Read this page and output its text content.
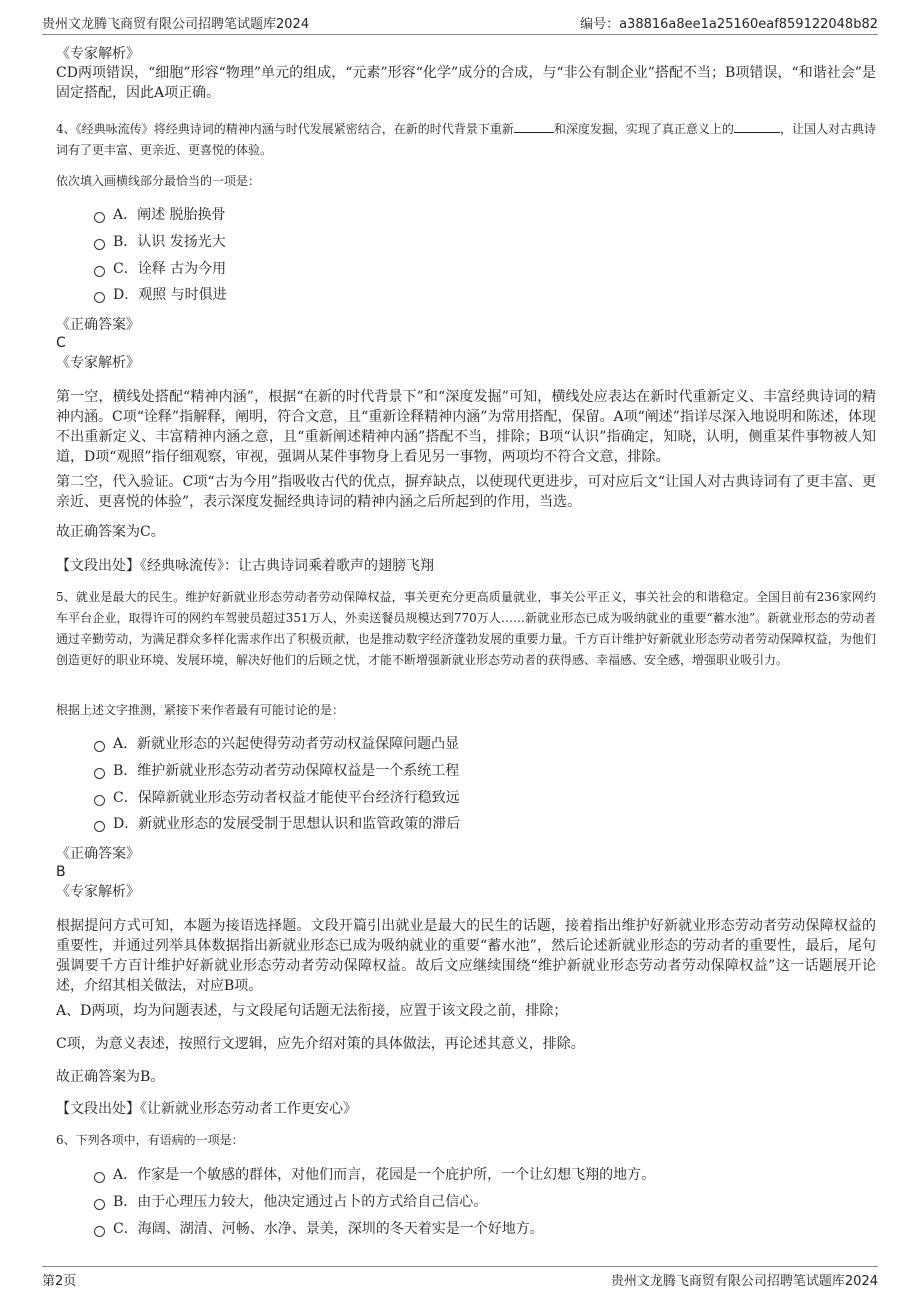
贵州文龙腾飞商贸有限公司招聘笔试题库2024	编号：a38816a8ee1a25160eaf859122048b82

《专家解析》

CD两项错误，“细胞”形容“物理”单元的组成，“元素”形容“化学”成分的合成，与“非公有制企业”搭配不当；B项错误，“和谐社会”是固定搭配，因此A项正确。

4、《经典咏流传》将经典诗词的精神内涵与时代发展紧密结合，在新的时代背景下重新	和深度发掘，实现了真正意义上的	，让国人对古典诗词有了更丰富、更亲近、更喜悦的体验。

依次填入画横线部分最恰当的一项是：

A．阐述 脱胎换骨
B．认识 发扬光大
C．诠释 古为今用
D．观照 与时俱进

《正确答案》

C

《专家解析》

第一空，横线处搭配“精神内涵”，根据“在新的时代背景下”和“深度发掘”可知，横线处应表达在新时代重新定义、丰富经典诗词的精神内涵。C项“诠释”指解释，阐明，符合文意，且“重新诠释精神内涵”为常用搭配，保留。A项“阐述”指详尽深入地说明和陈述，体现不出重新定义、丰富精神内涵之意，且“重新阐述精神内涵”搭配不当，排除；B项“认识”指确定，知晓，认明，侧重某件事物被人知道，D项“观照”指仔细观察，审视，强调从某件事物身上看见另一事物，两项均不符合文意，排除。

第二空，代入验证。C项“古为今用”指吸收古代的优点，摒弃缺点，以使现代更进步，可对应后文“让国人对古典诗词有了更丰富、更亲近、更喜悦的体验”，表示深度发掘经典诗词的精神内涵之后所起到的作用，当选。

故正确答案为C。

【文段出处】《经典咏流传》：让古典诗词乘着歌声的翅膀飞翔

5、就业是最大的民生。维护好新就业形态劳动者劳动保障权益，事关更充分更高质量就业，事关公平正义，事关社会的和谐稳定。全国目前有236家网约车平台企业，取得许可的网约车驾驶员超过351万人，外卖送餐员规模达到770万人……新就业形态已成为吸纳就业的重要“蓄水池”。新就业形态的劳动者通过辛勤劳动，为满足群众多样化需求作出了积极贡献，也是推动数字经济蓬勃发展的重要力量。千方百计维护好新就业形态劳动者劳动保障权益，为他们创造更好的职业环境、发展环境，解决好他们的后顾之忧，才能不断增强新就业形态劳动者的获得感、幸福感、安全感，增强职业吸引力。

根据上述文字推测，紧接下来作者最有可能讨论的是：

A．新就业形态的兴起使得劳动者劳动权益保障问题凸显
B．维护新就业形态劳动者劳动保障权益是一个系统工程
C．保障新就业形态劳动者权益才能使平台经济行稳致远
D．新就业形态的发展受制于思想认识和监管政策的滞后

《正确答案》

B

《专家解析》

根据提问方式可知，本题为接语选择题。文段开篇引出就业是最大的民生的话题，接着指出维护好新就业形态劳动者劳动保障权益的重要性，并通过列举具体数据指出新就业形态已成为吸纳就业的重要“蓄水池”，然后论述新就业形态的劳动者的重要性，最后，尾句强调要千方百计维护好新就业形态劳动者劳动保障权益。故后文应继续围绕“维护新就业形态劳动者劳动保障权益”这一话题展开论述，介绍其相关做法，对应B项。

A、D两项，均为问题表述，与文段尾句话题无法衔接，应置于该文段之前，排除；

C项，为意义表述，按照行文逻辑，应先介绍对策的具体做法，再论述其意义，排除。

故正确答案为B。

【文段出处】《让新就业形态劳动者工作更安心》

6、下列各项中，有语病的一项是：

A．作家是一个敏感的群体，对他们而言，花园是一个庇护所，一个让幻想飞翔的地方。
B．由于心理压力较大，他决定通过占卜的方式给自己信心。
C．海阔、湖清、河畅、水净、景美，深圳的冬天着实是一个好地方。
第2页	贵州文龙腾飞商贸有限公司招聘笔试题库2024
